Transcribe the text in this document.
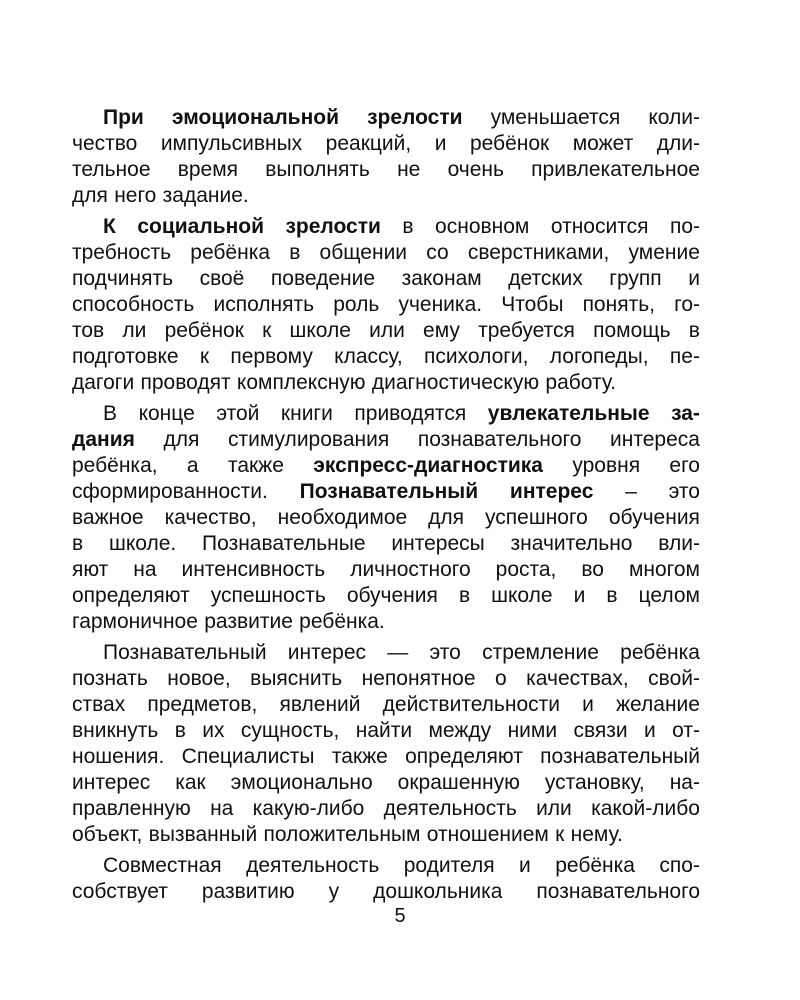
При эмоциональной зрелости уменьшается коли-
чество импульсивных реакций, и ребёнок может дли-
тельное время выполнять не очень привлекательное
для него задание.
К социальной зрелости в основном относится по-
требность ребёнка в общении со сверстниками, умение
подчинять своё поведение законам детских групп и
способность исполнять роль ученика. Чтобы понять, го-
тов ли ребёнок к школе или ему требуется помощь в
подготовке к первому классу, психологи, логопеды, пе-
дагоги проводят комплексную диагностическую работу.
В конце этой книги приводятся увлекательные за-
дания для стимулирования познавательного интереса
ребёнка, а также экспресс-диагностика уровня его
сформированности. Познавательный интерес – это
важное качество, необходимое для успешного обучения
в школе. Познавательные интересы значительно вли-
яют на интенсивность личностного роста, во многом
определяют успешность обучения в школе и в целом
гармоничное развитие ребёнка.
Познавательный интерес — это стремление ребёнка
познать новое, выяснить непонятное о качествах, свой-
ствах предметов, явлений действительности и желание
вникнуть в их сущность, найти между ними связи и от-
ношения. Специалисты также определяют познавательный
интерес как эмоционально окрашенную установку, на-
правленную на какую-либо деятельность или какой-либо
объект, вызванный положительным отношением к нему.
Совместная деятельность родителя и ребёнка спо-
собствует развитию у дошкольника познавательного
5
